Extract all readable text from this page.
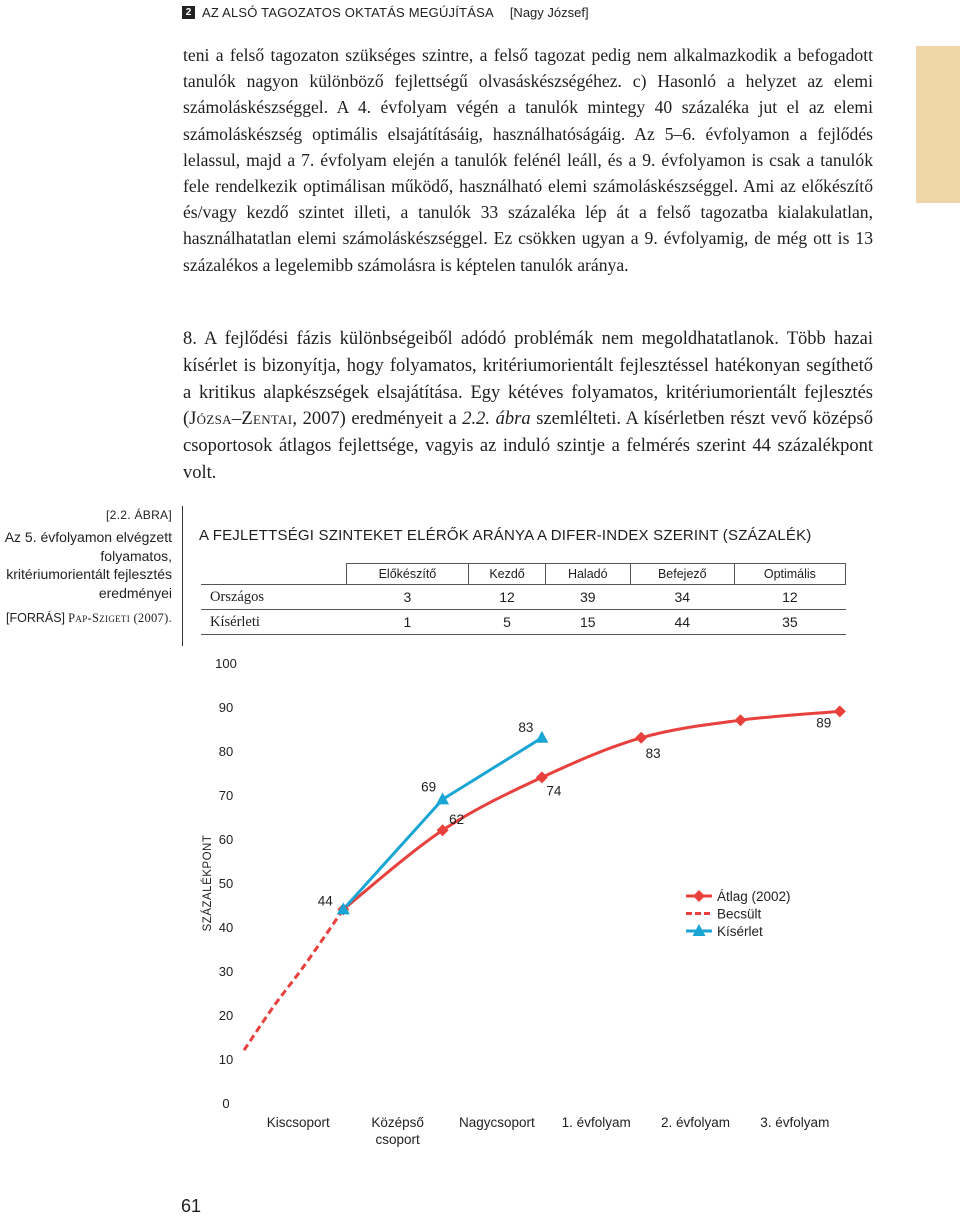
2 AZ ALSÓ TAGOZATOS OKTATÁS MEGÚJÍTÁSA [Nagy József]

teni a felső tagozaton szükséges szintre, a felső tagozat pedig nem alkalmazkodik a befogadott tanulók nagyon különböző fejlettségű olvasáskészségéhez. c) Hasonló a helyzet az elemi számoláskészséggel. A 4. évfolyam végén a tanulók mintegy 40 százaléka jut el az elemi számoláskészség optimális elsajátításáig, használhatóságáig. Az 5–6. évfolyamon a fejlődés lelassul, majd a 7. évfolyam elején a tanulók felénél leáll, és a 9. évfolyamon is csak a tanulók fele rendelkezik optimálisan működő, használható elemi számoláskészséggel. Ami az előkészítő és/vagy kezdő szintet illeti, a tanulók 33 százaléka lép át a felső tagozatba kialakulatlan, használhatatlan elemi számoláskészséggel. Ez csökken ugyan a 9. évfolyamig, de még ott is 13 százalékos a legelemibb számolásra is képtelen tanulók aránya.

8. A fejlődési fázis különbségeiből adódó problémák nem megoldhatatlanok. Több hazai kísérlet is bizonyítja, hogy folyamatos, kritériumorientált fejlesztéssel hatékonyan segíthető a kritikus alapkészségek elsajátítása. Egy kétéves folyamatos, kritériumorientált fejlesztés (Józsa–Zentai, 2007) eredményeit a 2.2. ábra szemlélteti. A kísérletben részt vevő középső csoportosok átlagos fejlettsége, vagyis az induló szintje a felmérés szerint 44 százalékpont volt.

[2.2. ÁBRA]
Az 5. évfolyamon elvégzett folyamatos, kritériumorientált fejlesztés eredményei
[FORRÁS] Pap-Szigeti (2007).
A FEJLETTSÉGI SZINTEKET ELÉRŐK ARÁNYA A DIFER-INDEX SZERINT (SZÁZALÉK)
	Előkészítő	Kezdő	Haladó	Befejező	Optimális
Országos	3	12	39	34	12
Kísérleti	1	5	15	44	35
0
10
20
30
40
50
60
70
80
90
100
SZÁZALÉKPONT
Kiscsoport	Középső
csoport
Nagycsoport 1. évfolyam 2. évfolyam 3. évfolyam
44
62
69	74
83
83
89
Átlag (2002)
Becsült
Kísérlet
61
